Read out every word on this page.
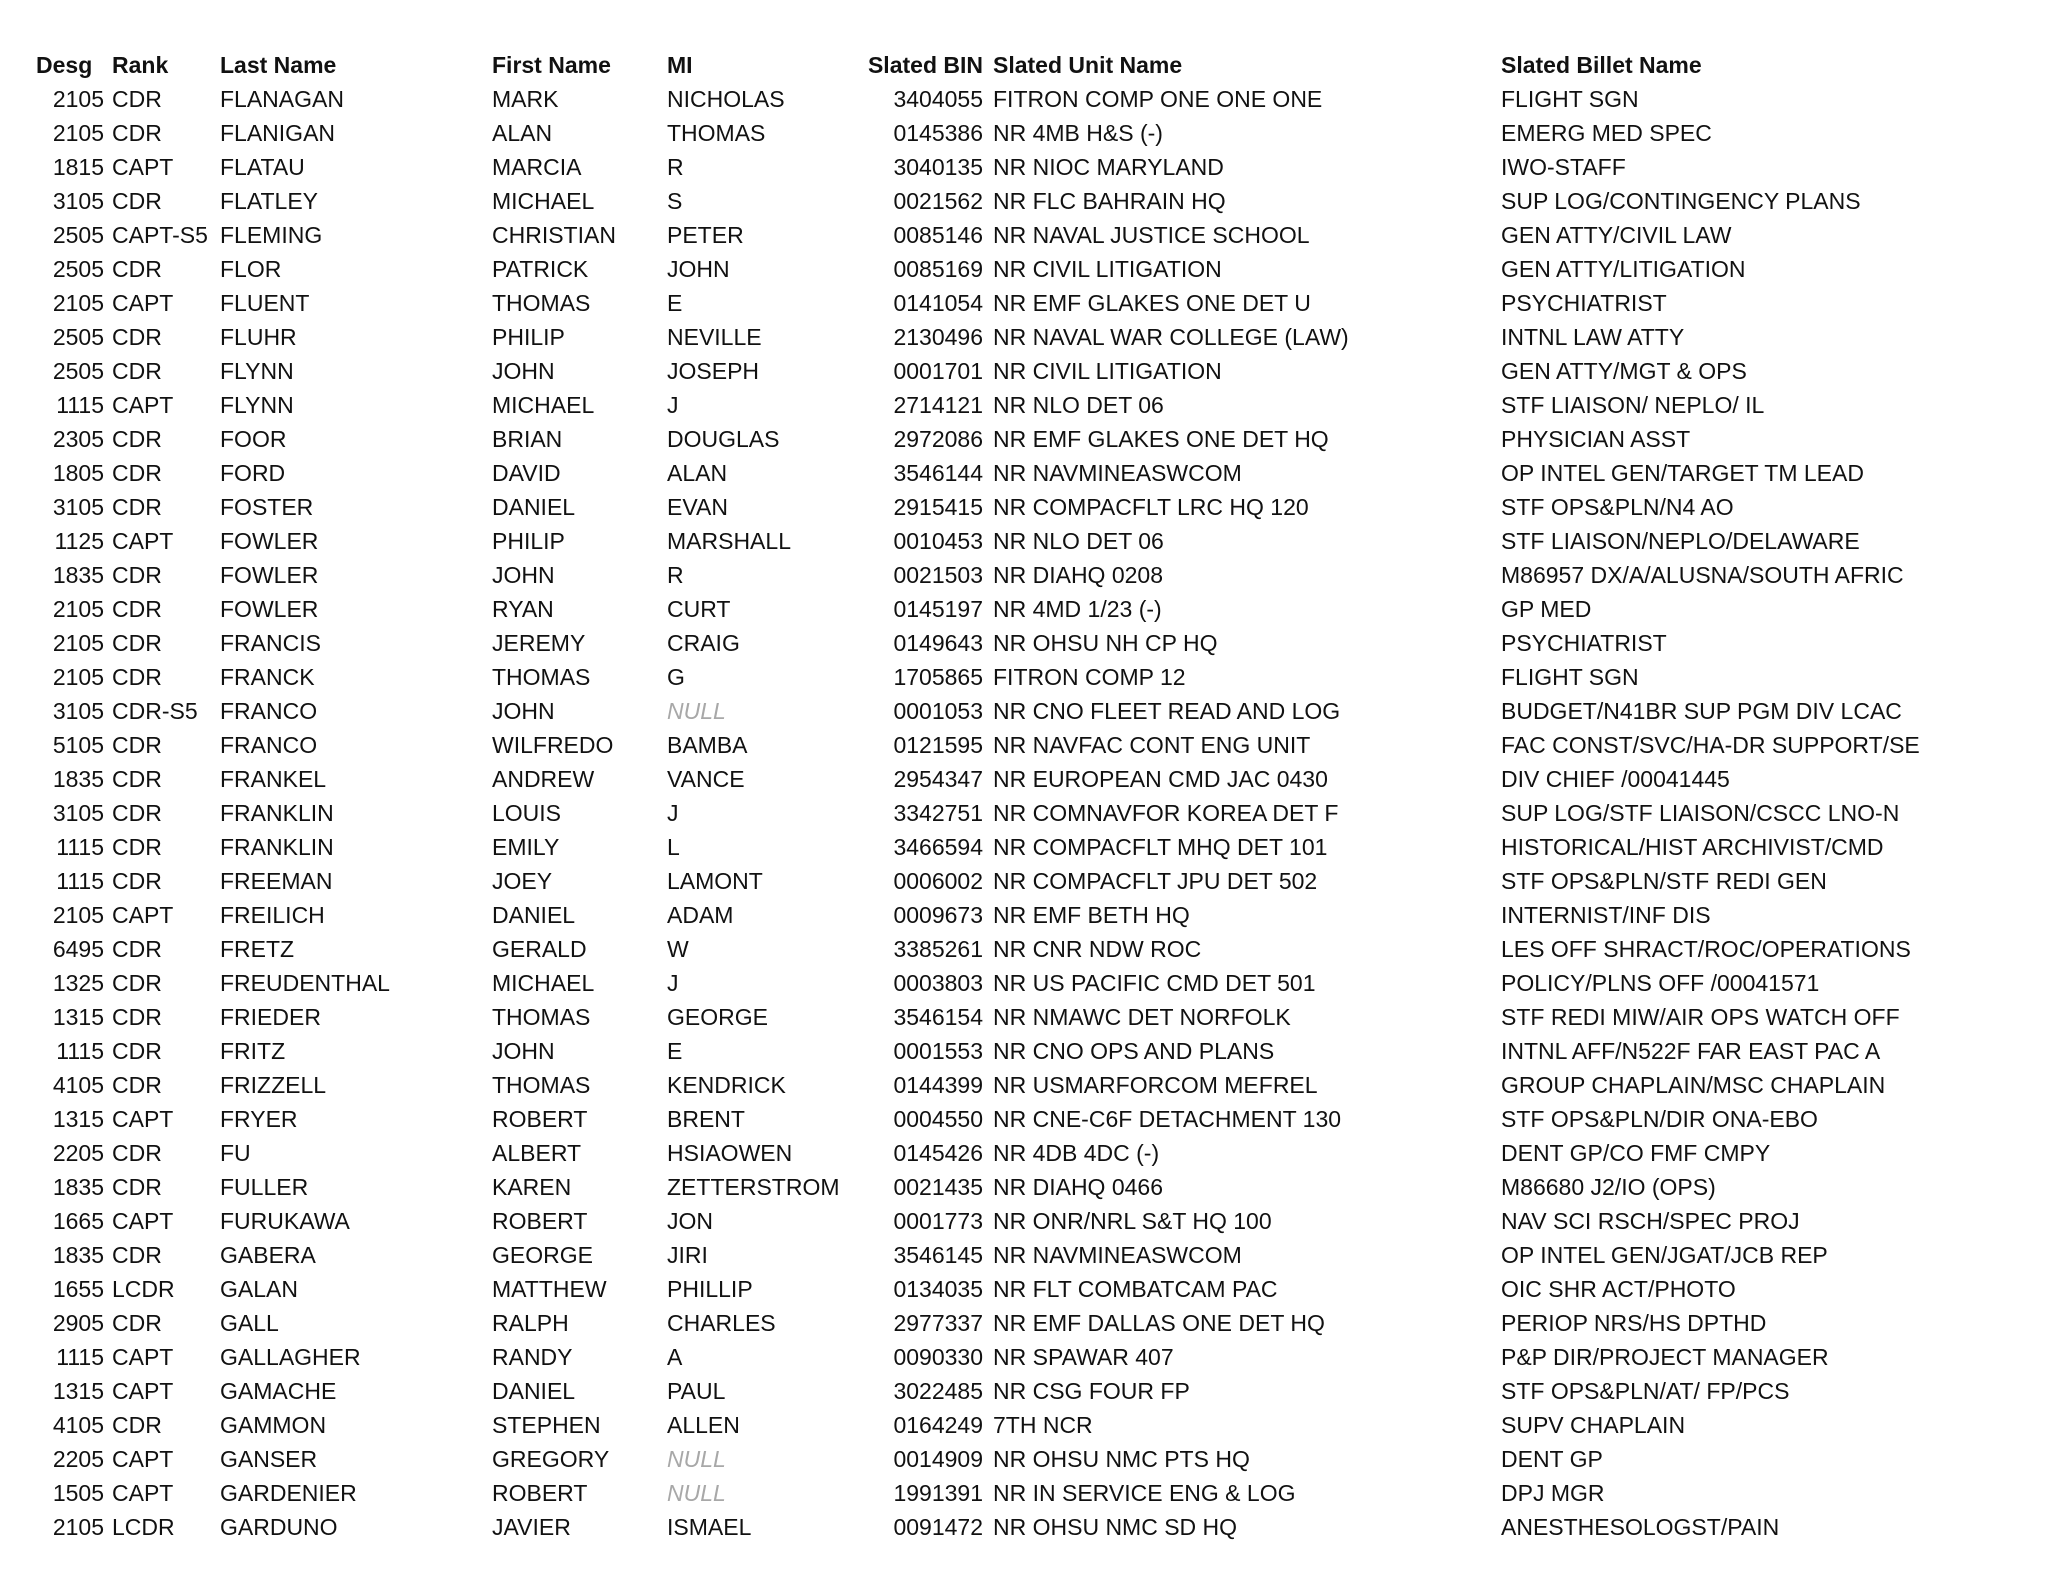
Desg	Rank	Last Name	First Name	MI	Slated BIN	Slated Unit Name	Slated Billet Name
2105	CDR	FLANAGAN	MARK	NICHOLAS	3404055	FITRON COMP ONE ONE ONE	FLIGHT SGN
2105	CDR	FLANIGAN	ALAN	THOMAS	0145386	NR 4MB H&S (-)	EMERG MED SPEC
1815	CAPT	FLATAU	MARCIA	R	3040135	NR NIOC MARYLAND	IWO-STAFF
3105	CDR	FLATLEY	MICHAEL	S	0021562	NR FLC BAHRAIN HQ	SUP LOG/CONTINGENCY PLANS
2505	CAPT-S5	FLEMING	CHRISTIAN	PETER	0085146	NR NAVAL JUSTICE SCHOOL	GEN ATTY/CIVIL LAW
2505	CDR	FLOR	PATRICK	JOHN	0085169	NR CIVIL LITIGATION	GEN ATTY/LITIGATION
2105	CAPT	FLUENT	THOMAS	E	0141054	NR EMF GLAKES ONE DET U	PSYCHIATRIST
2505	CDR	FLUHR	PHILIP	NEVILLE	2130496	NR NAVAL WAR COLLEGE (LAW)	INTNL LAW ATTY
2505	CDR	FLYNN	JOHN	JOSEPH	0001701	NR CIVIL LITIGATION	GEN ATTY/MGT & OPS
1115	CAPT	FLYNN	MICHAEL	J	2714121	NR NLO DET 06	STF LIAISON/ NEPLO/ IL
2305	CDR	FOOR	BRIAN	DOUGLAS	2972086	NR EMF GLAKES ONE DET HQ	PHYSICIAN ASST
1805	CDR	FORD	DAVID	ALAN	3546144	NR NAVMINEASWCOM	OP INTEL GEN/TARGET TM LEAD
3105	CDR	FOSTER	DANIEL	EVAN	2915415	NR COMPACFLT LRC HQ 120	STF OPS&PLN/N4 AO
1125	CAPT	FOWLER	PHILIP	MARSHALL	0010453	NR NLO DET 06	STF LIAISON/NEPLO/DELAWARE
1835	CDR	FOWLER	JOHN	R	0021503	NR DIAHQ 0208	M86957 DX/A/ALUSNA/SOUTH AFRIC
2105	CDR	FOWLER	RYAN	CURT	0145197	NR 4MD 1/23 (-)	GP MED
2105	CDR	FRANCIS	JEREMY	CRAIG	0149643	NR OHSU NH CP HQ	PSYCHIATRIST
2105	CDR	FRANCK	THOMAS	G	1705865	FITRON COMP 12	FLIGHT SGN
3105	CDR-S5	FRANCO	JOHN	NULL	0001053	NR CNO FLEET READ AND LOG	BUDGET/N41BR SUP PGM DIV LCAC
5105	CDR	FRANCO	WILFREDO	BAMBA	0121595	NR NAVFAC CONT ENG UNIT	FAC CONST/SVC/HA-DR SUPPORT/SE
1835	CDR	FRANKEL	ANDREW	VANCE	2954347	NR EUROPEAN CMD JAC 0430	DIV CHIEF /00041445
3105	CDR	FRANKLIN	LOUIS	J	3342751	NR COMNAVFOR KOREA DET F	SUP LOG/STF LIAISON/CSCC LNO-N
1115	CDR	FRANKLIN	EMILY	L	3466594	NR COMPACFLT MHQ DET 101	HISTORICAL/HIST ARCHIVIST/CMD
1115	CDR	FREEMAN	JOEY	LAMONT	0006002	NR COMPACFLT JPU DET 502	STF OPS&PLN/STF REDI GEN
2105	CAPT	FREILICH	DANIEL	ADAM	0009673	NR EMF BETH HQ	INTERNIST/INF DIS
6495	CDR	FRETZ	GERALD	W	3385261	NR CNR NDW ROC	LES OFF SHRACT/ROC/OPERATIONS
1325	CDR	FREUDENTHAL	MICHAEL	J	0003803	NR US PACIFIC CMD DET 501	POLICY/PLNS OFF /00041571
1315	CDR	FRIEDER	THOMAS	GEORGE	3546154	NR NMAWC DET NORFOLK	STF REDI MIW/AIR OPS WATCH OFF
1115	CDR	FRITZ	JOHN	E	0001553	NR CNO OPS AND PLANS	INTNL AFF/N522F FAR EAST PAC A
4105	CDR	FRIZZELL	THOMAS	KENDRICK	0144399	NR USMARFORCOM MEFREL	GROUP CHAPLAIN/MSC CHAPLAIN
1315	CAPT	FRYER	ROBERT	BRENT	0004550	NR CNE-C6F DETACHMENT 130	STF OPS&PLN/DIR ONA-EBO
2205	CDR	FU	ALBERT	HSIAOWEN	0145426	NR 4DB 4DC (-)	DENT GP/CO FMF CMPY
1835	CDR	FULLER	KAREN	ZETTERSTROM	0021435	NR DIAHQ 0466	M86680 J2/IO (OPS)
1665	CAPT	FURUKAWA	ROBERT	JON	0001773	NR ONR/NRL S&T HQ 100	NAV SCI RSCH/SPEC PROJ
1835	CDR	GABERA	GEORGE	JIRI	3546145	NR NAVMINEASWCOM	OP INTEL GEN/JGAT/JCB REP
1655	LCDR	GALAN	MATTHEW	PHILLIP	0134035	NR FLT COMBATCAM PAC	OIC SHR ACT/PHOTO
2905	CDR	GALL	RALPH	CHARLES	2977337	NR EMF DALLAS ONE DET HQ	PERIOP NRS/HS DPTHD
1115	CAPT	GALLAGHER	RANDY	A	0090330	NR SPAWAR 407	P&P DIR/PROJECT MANAGER
1315	CAPT	GAMACHE	DANIEL	PAUL	3022485	NR CSG FOUR FP	STF OPS&PLN/AT/ FP/PCS
4105	CDR	GAMMON	STEPHEN	ALLEN	0164249	7TH NCR	SUPV CHAPLAIN
2205	CAPT	GANSER	GREGORY	NULL	0014909	NR OHSU NMC PTS HQ	DENT GP
1505	CAPT	GARDENIER	ROBERT	NULL	1991391	NR IN SERVICE ENG & LOG	DPJ MGR
2105	LCDR	GARDUNO	JAVIER	ISMAEL	0091472	NR OHSU NMC SD HQ	ANESTHESOLOGST/PAIN
